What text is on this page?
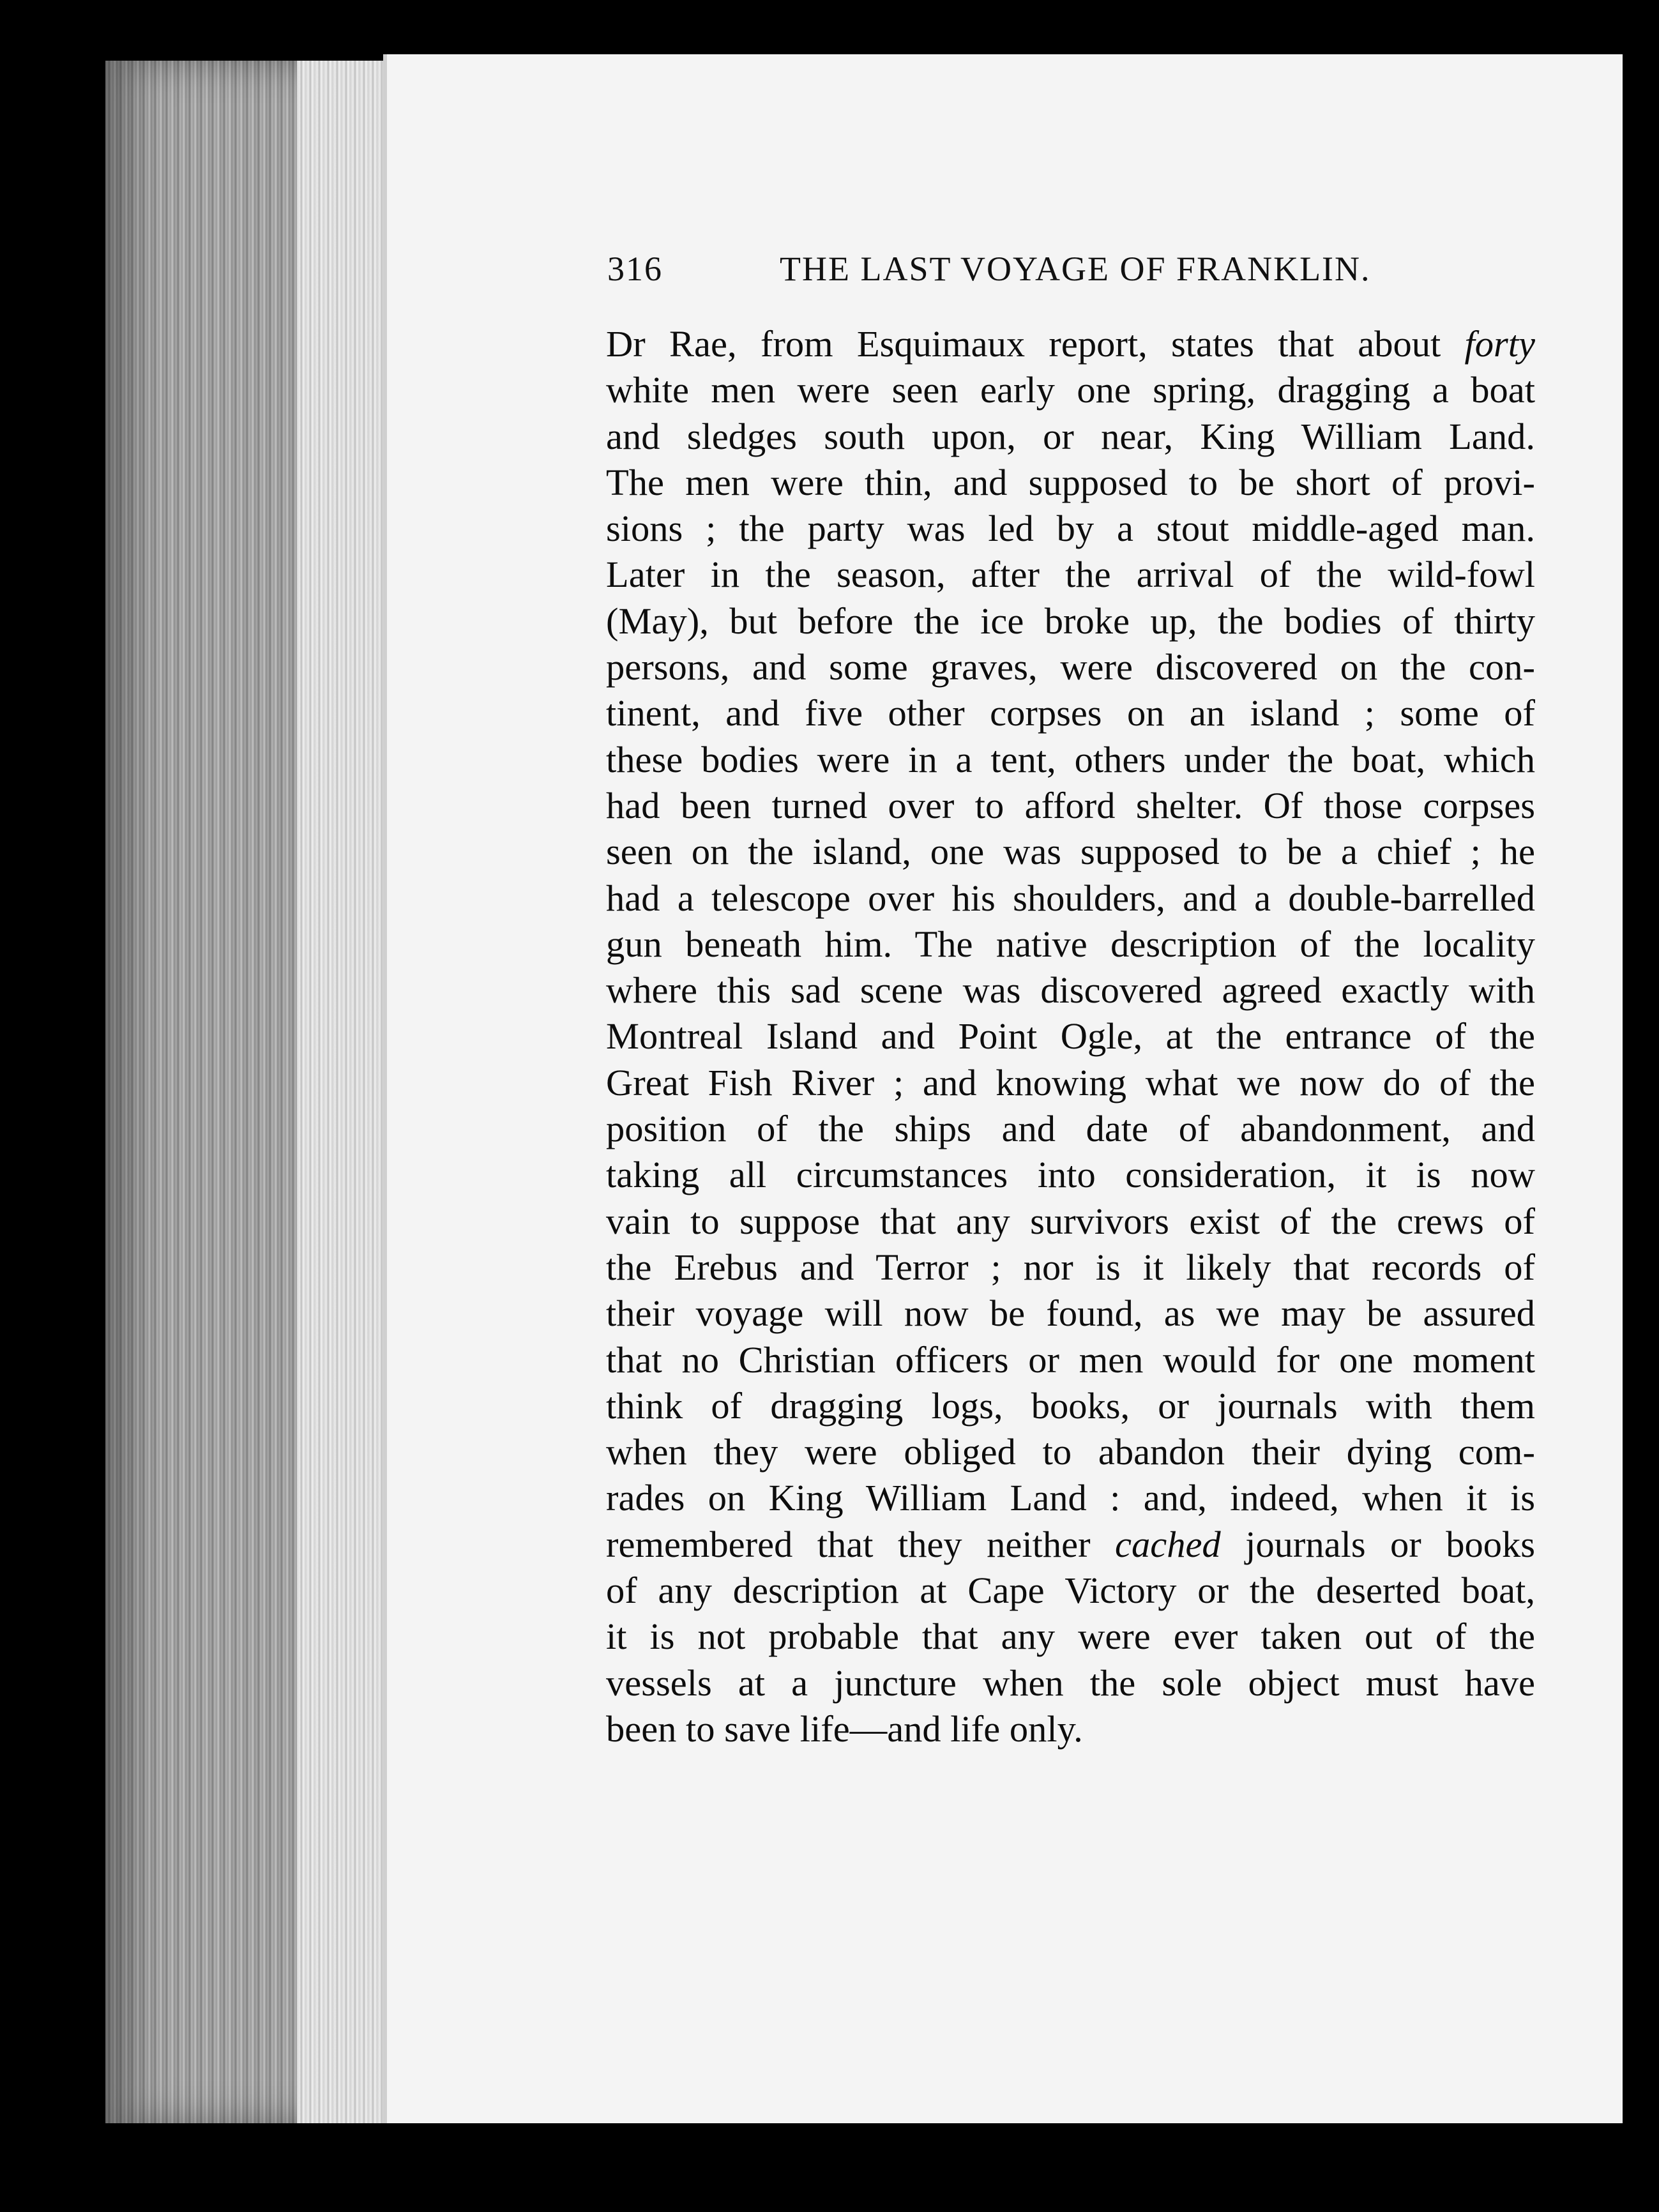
316	THE LAST VOYAGE OF FRANKLIN.
Dr Rae, from Esquimaux report, states that about forty
white men were seen early one spring, dragging a boat
and sledges south upon, or near, King William Land.
The men were thin, and supposed to be short of provi-
sions ; the party was led by a stout middle-aged man.
Later in the season, after the arrival of the wild-fowl
(May), but before the ice broke up, the bodies of thirty
persons, and some graves, were discovered on the con-
tinent, and five other corpses on an island ; some of
these bodies were in a tent, others under the boat, which
had been turned over to afford shelter. Of those corpses
seen on the island, one was supposed to be a chief ; he
had a telescope over his shoulders, and a double-barrelled
gun beneath him. The native description of the locality
where this sad scene was discovered agreed exactly with
Montreal Island and Point Ogle, at the entrance of the
Great Fish River ; and knowing what we now do of the
position of the ships and date of abandonment, and
taking all circumstances into consideration, it is now
vain to suppose that any survivors exist of the crews of
the Erebus and Terror ; nor is it likely that records of
their voyage will now be found, as we may be assured
that no Christian officers or men would for one moment
think of dragging logs, books, or journals with them
when they were obliged to abandon their dying com-
rades on King William Land : and, indeed, when it is
remembered that they neither cached journals or books
of any description at Cape Victory or the deserted boat,
it is not probable that any were ever taken out of the
vessels at a juncture when the sole object must have
been to save life—and life only.
